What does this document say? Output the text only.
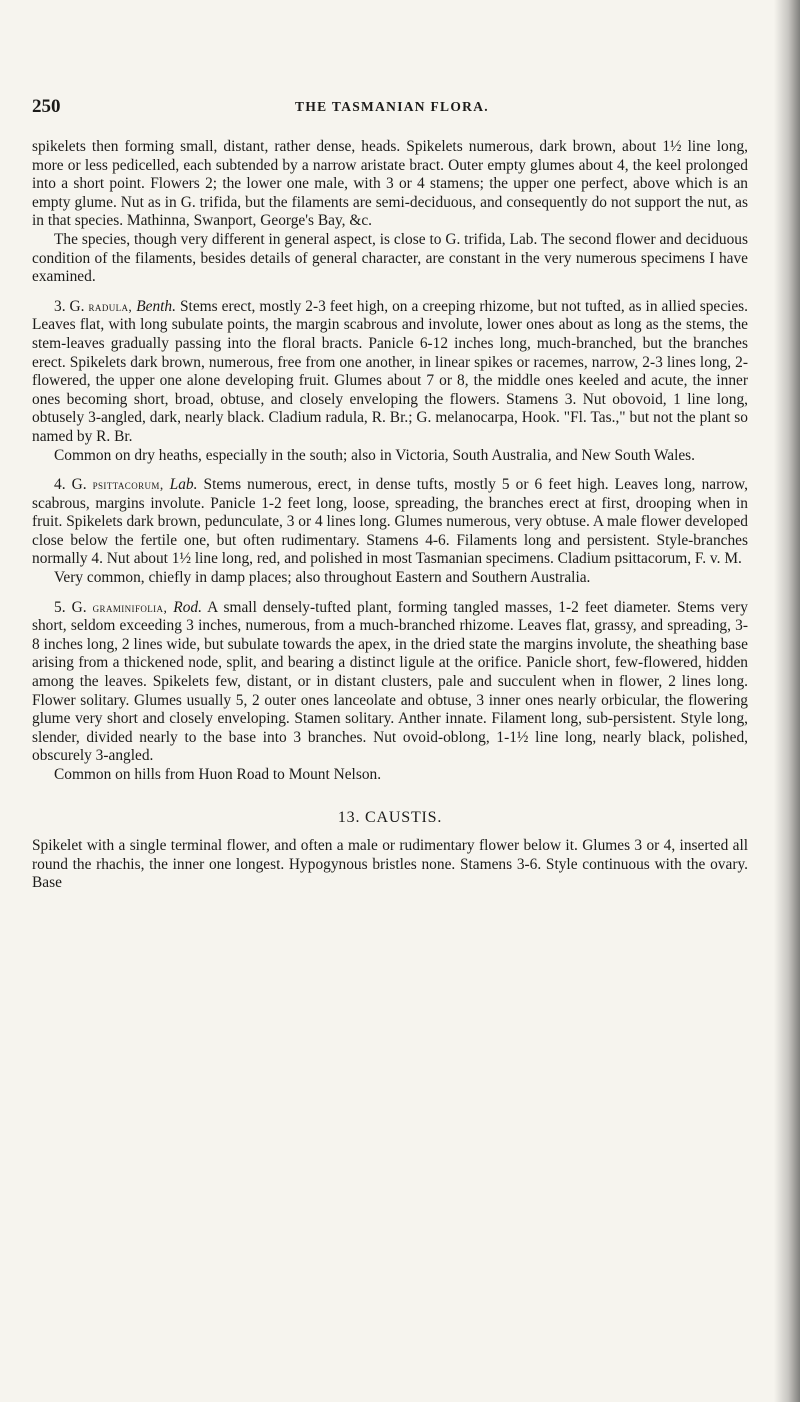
250	THE TASMANIAN FLORA.

spikelets then forming small, distant, rather dense, heads. Spikelets numerous, dark brown, about 1½ line long, more or less pedicelled, each subtended by a narrow aristate bract. Outer empty glumes about 4, the keel prolonged into a short point. Flowers 2; the lower one male, with 3 or 4 stamens; the upper one perfect, above which is an empty glume. Nut as in G. trifida, but the filaments are semi-deciduous, and consequently do not support the nut, as in that species. Mathinna, Swanport, George's Bay, &c.

The species, though very different in general aspect, is close to G. trifida, Lab. The second flower and deciduous condition of the filaments, besides details of general character, are constant in the very numerous specimens I have examined.

3. G. radula, Benth. Stems erect, mostly 2-3 feet high, on a creeping rhizome, but not tufted, as in allied species. Leaves flat, with long subulate points, the margin scabrous and involute, lower ones about as long as the stems, the stem-leaves gradually passing into the floral bracts. Panicle 6-12 inches long, much-branched, but the branches erect. Spikelets dark brown, numerous, free from one another, in linear spikes or racemes, narrow, 2-3 lines long, 2-flowered, the upper one alone developing fruit. Glumes about 7 or 8, the middle ones keeled and acute, the inner ones becoming short, broad, obtuse, and closely enveloping the flowers. Stamens 3. Nut obovoid, 1 line long, obtusely 3-angled, dark, nearly black. Cladium radula, R. Br.; G. melanocarpa, Hook. "Fl. Tas.," but not the plant so named by R. Br.

Common on dry heaths, especially in the south; also in Victoria, South Australia, and New South Wales.

4. G. psittacorum, Lab. Stems numerous, erect, in dense tufts, mostly 5 or 6 feet high. Leaves long, narrow, scabrous, margins involute. Panicle 1-2 feet long, loose, spreading, the branches erect at first, drooping when in fruit. Spikelets dark brown, pedunculate, 3 or 4 lines long. Glumes numerous, very obtuse. A male flower developed close below the fertile one, but often rudimentary. Stamens 4-6. Filaments long and persistent. Style-branches normally 4. Nut about 1½ line long, red, and polished in most Tasmanian specimens. Cladium psittacorum, F. v. M.

Very common, chiefly in damp places; also throughout Eastern and Southern Australia.

5. G. graminifolia, Rod. A small densely-tufted plant, forming tangled masses, 1-2 feet diameter. Stems very short, seldom exceeding 3 inches, numerous, from a much-branched rhizome. Leaves flat, grassy, and spreading, 3-8 inches long, 2 lines wide, but subulate towards the apex, in the dried state the margins involute, the sheathing base arising from a thickened node, split, and bearing a distinct ligule at the orifice. Panicle short, few-flowered, hidden among the leaves. Spikelets few, distant, or in distant clusters, pale and succulent when in flower, 2 lines long. Flower solitary. Glumes usually 5, 2 outer ones lanceolate and obtuse, 3 inner ones nearly orbicular, the flowering glume very short and closely enveloping. Stamen solitary. Anther innate. Filament long, sub-persistent. Style long, slender, divided nearly to the base into 3 branches. Nut ovoid-oblong, 1-1½ line long, nearly black, polished, obscurely 3-angled.

Common on hills from Huon Road to Mount Nelson.

13. CAUSTIS.

Spikelet with a single terminal flower, and often a male or rudimentary flower below it. Glumes 3 or 4, inserted all round the rhachis, the inner one longest. Hypogynous bristles none. Stamens 3-6. Style continuous with the ovary. Base
